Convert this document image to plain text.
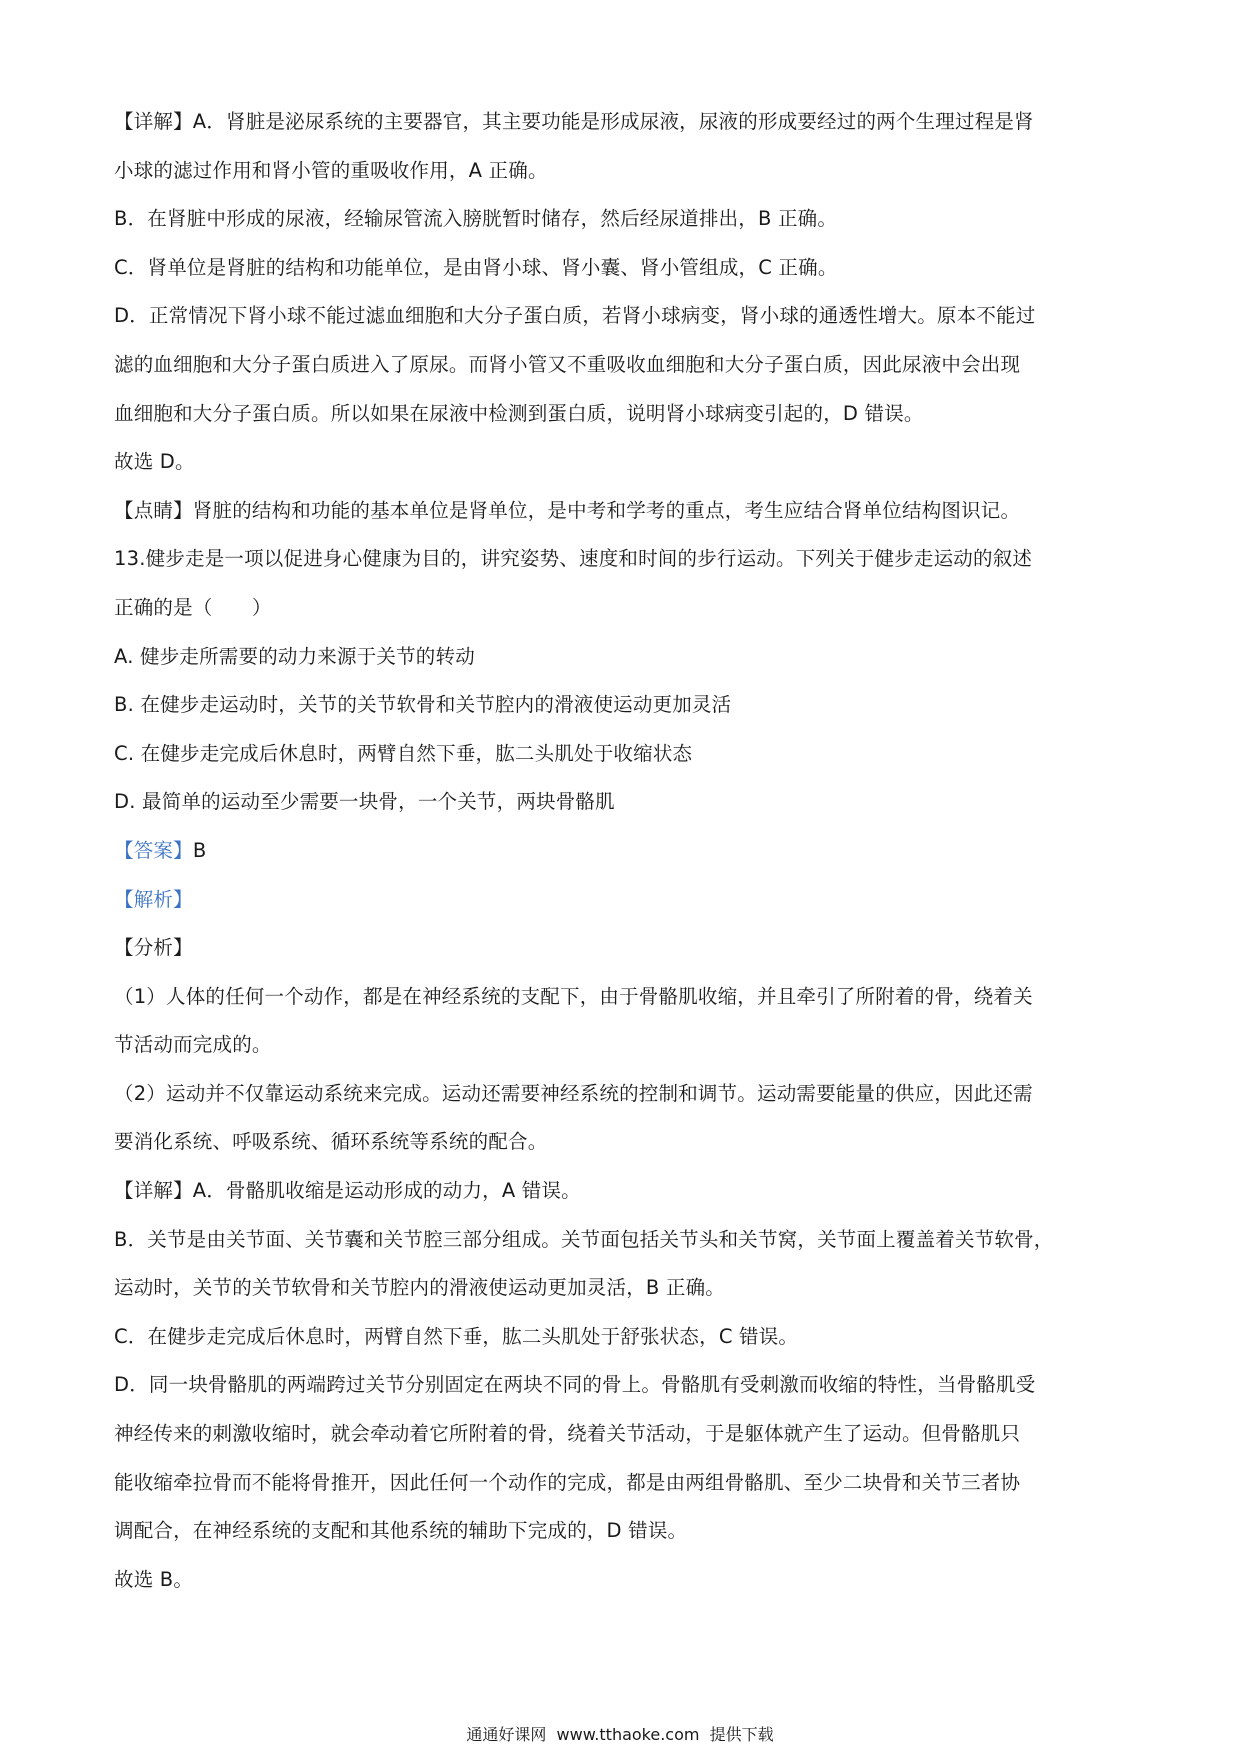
【详解】A．肾脏是泌尿系统的主要器官，其主要功能是形成尿液，尿液的形成要经过的两个生理过程是肾
小球的滤过作用和肾小管的重吸收作用，A 正确。
B．在肾脏中形成的尿液，经输尿管流入膀胱暂时储存，然后经尿道排出，B 正确。
C．肾单位是肾脏的结构和功能单位，是由肾小球、肾小囊、肾小管组成，C 正确。
D．正常情况下肾小球不能过滤血细胞和大分子蛋白质，若肾小球病变，肾小球的通透性增大。原本不能过
滤的血细胞和大分子蛋白质进入了原尿。而肾小管又不重吸收血细胞和大分子蛋白质，因此尿液中会出现
血细胞和大分子蛋白质。所以如果在尿液中检测到蛋白质，说明肾小球病变引起的，D 错误。
故选 D。
【点睛】肾脏的结构和功能的基本单位是肾单位，是中考和学考的重点，考生应结合肾单位结构图识记。
13.健步走是一项以促进身心健康为目的，讲究姿势、速度和时间的步行运动。下列关于健步走运动的叙述
正确的是（　　）
A. 健步走所需要的动力来源于关节的转动
B. 在健步走运动时，关节的关节软骨和关节腔内的滑液使运动更加灵活
C. 在健步走完成后休息时，两臂自然下垂，肱二头肌处于收缩状态
D. 最简单的运动至少需要一块骨，一个关节，两块骨骼肌
【答案】B
【解析】
【分析】
（1）人体的任何一个动作，都是在神经系统的支配下，由于骨骼肌收缩，并且牵引了所附着的骨，绕着关
节活动而完成的。
（2）运动并不仅靠运动系统来完成。运动还需要神经系统的控制和调节。运动需要能量的供应，因此还需
要消化系统、呼吸系统、循环系统等系统的配合。
【详解】A．骨骼肌收缩是运动形成的动力，A 错误。
B．关节是由关节面、关节囊和关节腔三部分组成。关节面包括关节头和关节窝，关节面上覆盖着关节软骨，
运动时，关节的关节软骨和关节腔内的滑液使运动更加灵活，B 正确。
C．在健步走完成后休息时，两臂自然下垂，肱二头肌处于舒张状态，C 错误。
D．同一块骨骼肌的两端跨过关节分别固定在两块不同的骨上。骨骼肌有受刺激而收缩的特性，当骨骼肌受
神经传来的刺激收缩时，就会牵动着它所附着的骨，绕着关节活动，于是躯体就产生了运动。但骨骼肌只
能收缩牵拉骨而不能将骨推开，因此任何一个动作的完成，都是由两组骨骼肌、至少二块骨和关节三者协
调配合，在神经系统的支配和其他系统的辅助下完成的，D 错误。
故选 B。
通通好课网  www.tthaoke.com  提供下载
